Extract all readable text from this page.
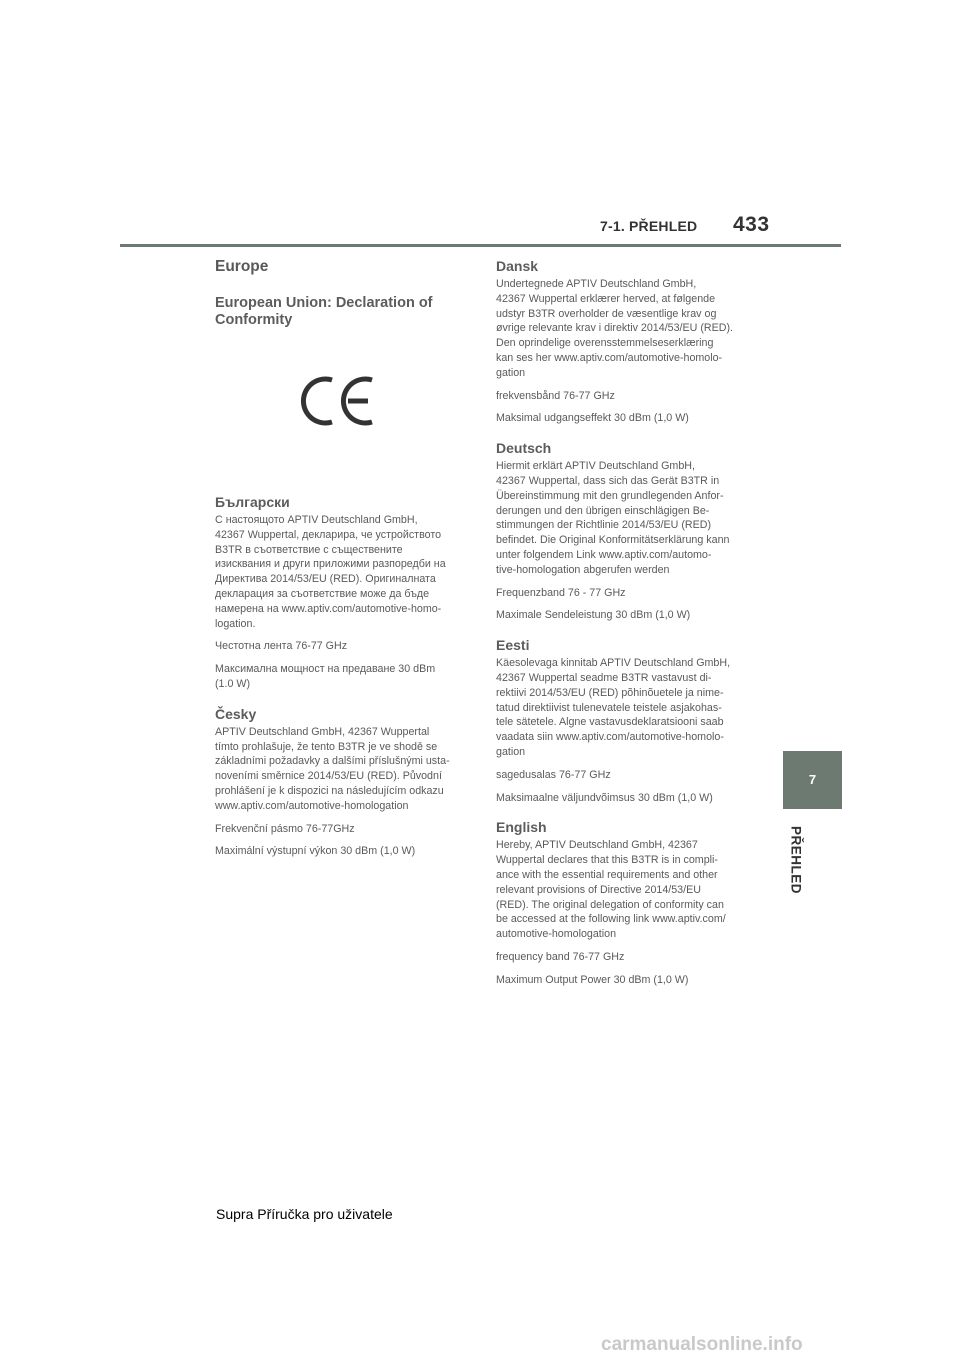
7-1. PŘEHLED 433
7
PŘEHLED
Europe
European Union: Declaration of
Conformity
Български

С настоящото APTIV Deutschland GmbH,
42367 Wuppertal, декларира, че устройството
B3TR в съответствие с съществените
изисквания и други приложими разпоредби на
Директива 2014/53/EU (RED). Оригиналната
декларация за съответствие може да бъде
намерена на www.aptiv.com/automotive-homo-
logation.

Честотна лента 76-77 GHz

Максимална мощност на предаване 30 dBm
(1.0 W)

Česky

APTIV Deutschland GmbH, 42367 Wuppertal
tímto prohlašuje, že tento B3TR je ve shodě se
základními požadavky a dalšími příslušnými usta-
noveními směrnice 2014/53/EU (RED). Původní
prohlášení je k dispozici na následujícím odkazu
www.aptiv.com/automotive-homologation

Frekvenční pásmo 76-77GHz

Maximální výstupní výkon 30 dBm (1,0 W)

Dansk

Undertegnede APTIV Deutschland GmbH,
42367 Wuppertal erklærer herved, at følgende
udstyr B3TR overholder de væsentlige krav og
øvrige relevante krav i direktiv 2014/53/EU (RED).
Den oprindelige overensstemmelseserklæring
kan ses her www.aptiv.com/automotive-homolo-
gation

frekvensbånd 76-77 GHz

Maksimal udgangseffekt 30 dBm (1,0 W)

Deutsch

Hiermit erklärt APTIV Deutschland GmbH,
42367 Wuppertal, dass sich das Gerät B3TR in
Übereinstimmung mit den grundlegenden Anfor-
derungen und den übrigen einschlägigen Be-
stimmungen der Richtlinie 2014/53/EU (RED)
befindet. Die Original Konformitätserklärung kann
unter folgendem Link www.aptiv.com/automo-
tive-homologation abgerufen werden

Frequenzband 76 - 77 GHz

Maximale Sendeleistung 30 dBm (1,0 W)

Eesti

Käesolevaga kinnitab APTIV Deutschland GmbH,
42367 Wuppertal seadme B3TR vastavust di-
rektiivi 2014/53/EU (RED) põhinõuetele ja nime-
tatud direktiivist tulenevatele teistele asjakohas-
tele sätetele. Algne vastavusdeklaratsiooni saab
vaadata siin www.aptiv.com/automotive-homolo-
gation

sagedusalas 76-77 GHz

Maksimaalne väljundvõimsus 30 dBm (1,0 W)

English

Hereby, APTIV Deutschland GmbH, 42367
Wuppertal declares that this B3TR is in compli-
ance with the essential requirements and other
relevant provisions of Directive 2014/53/EU
(RED). The original delegation of conformity can
be accessed at the following link www.aptiv.com/
automotive-homologation

frequency band 76-77 GHz

Maximum Output Power 30 dBm (1,0 W)

Supra Příručka pro uživatele
carmanualsonline.info
